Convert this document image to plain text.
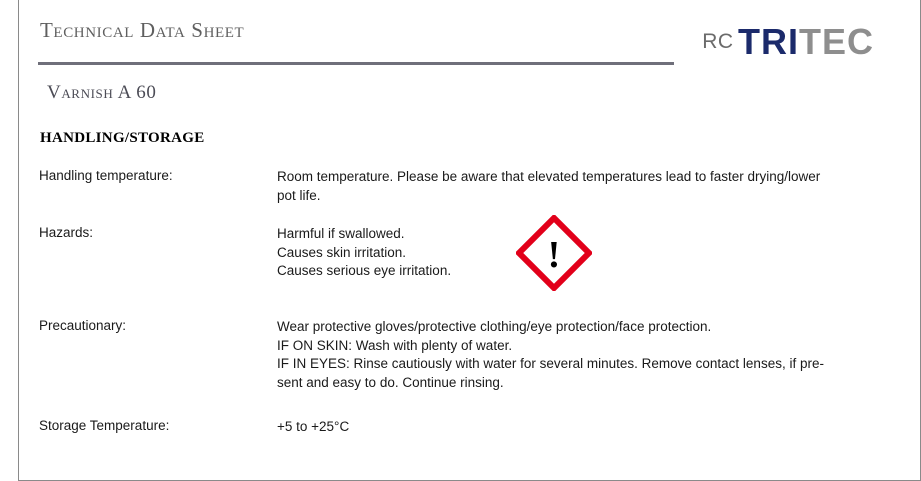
Technical Data Sheet	RC TRITEC
Varnish A 60
HANDLING/STORAGE
Handling temperature:	Room temperature. Please be aware that elevated temperatures lead to faster drying/lower
pot life.
Hazards:	Harmful if swallowed.
Causes skin irritation.
Causes serious eye irritation.
Precautionary:	Wear protective gloves/protective clothing/eye protection/face protection.
IF ON SKIN: Wash with plenty of water.
IF IN EYES: Rinse cautiously with water for several minutes. Remove contact lenses, if pre-
sent and easy to do. Continue rinsing.
Storage Temperature:	+5 to +25°C
!
